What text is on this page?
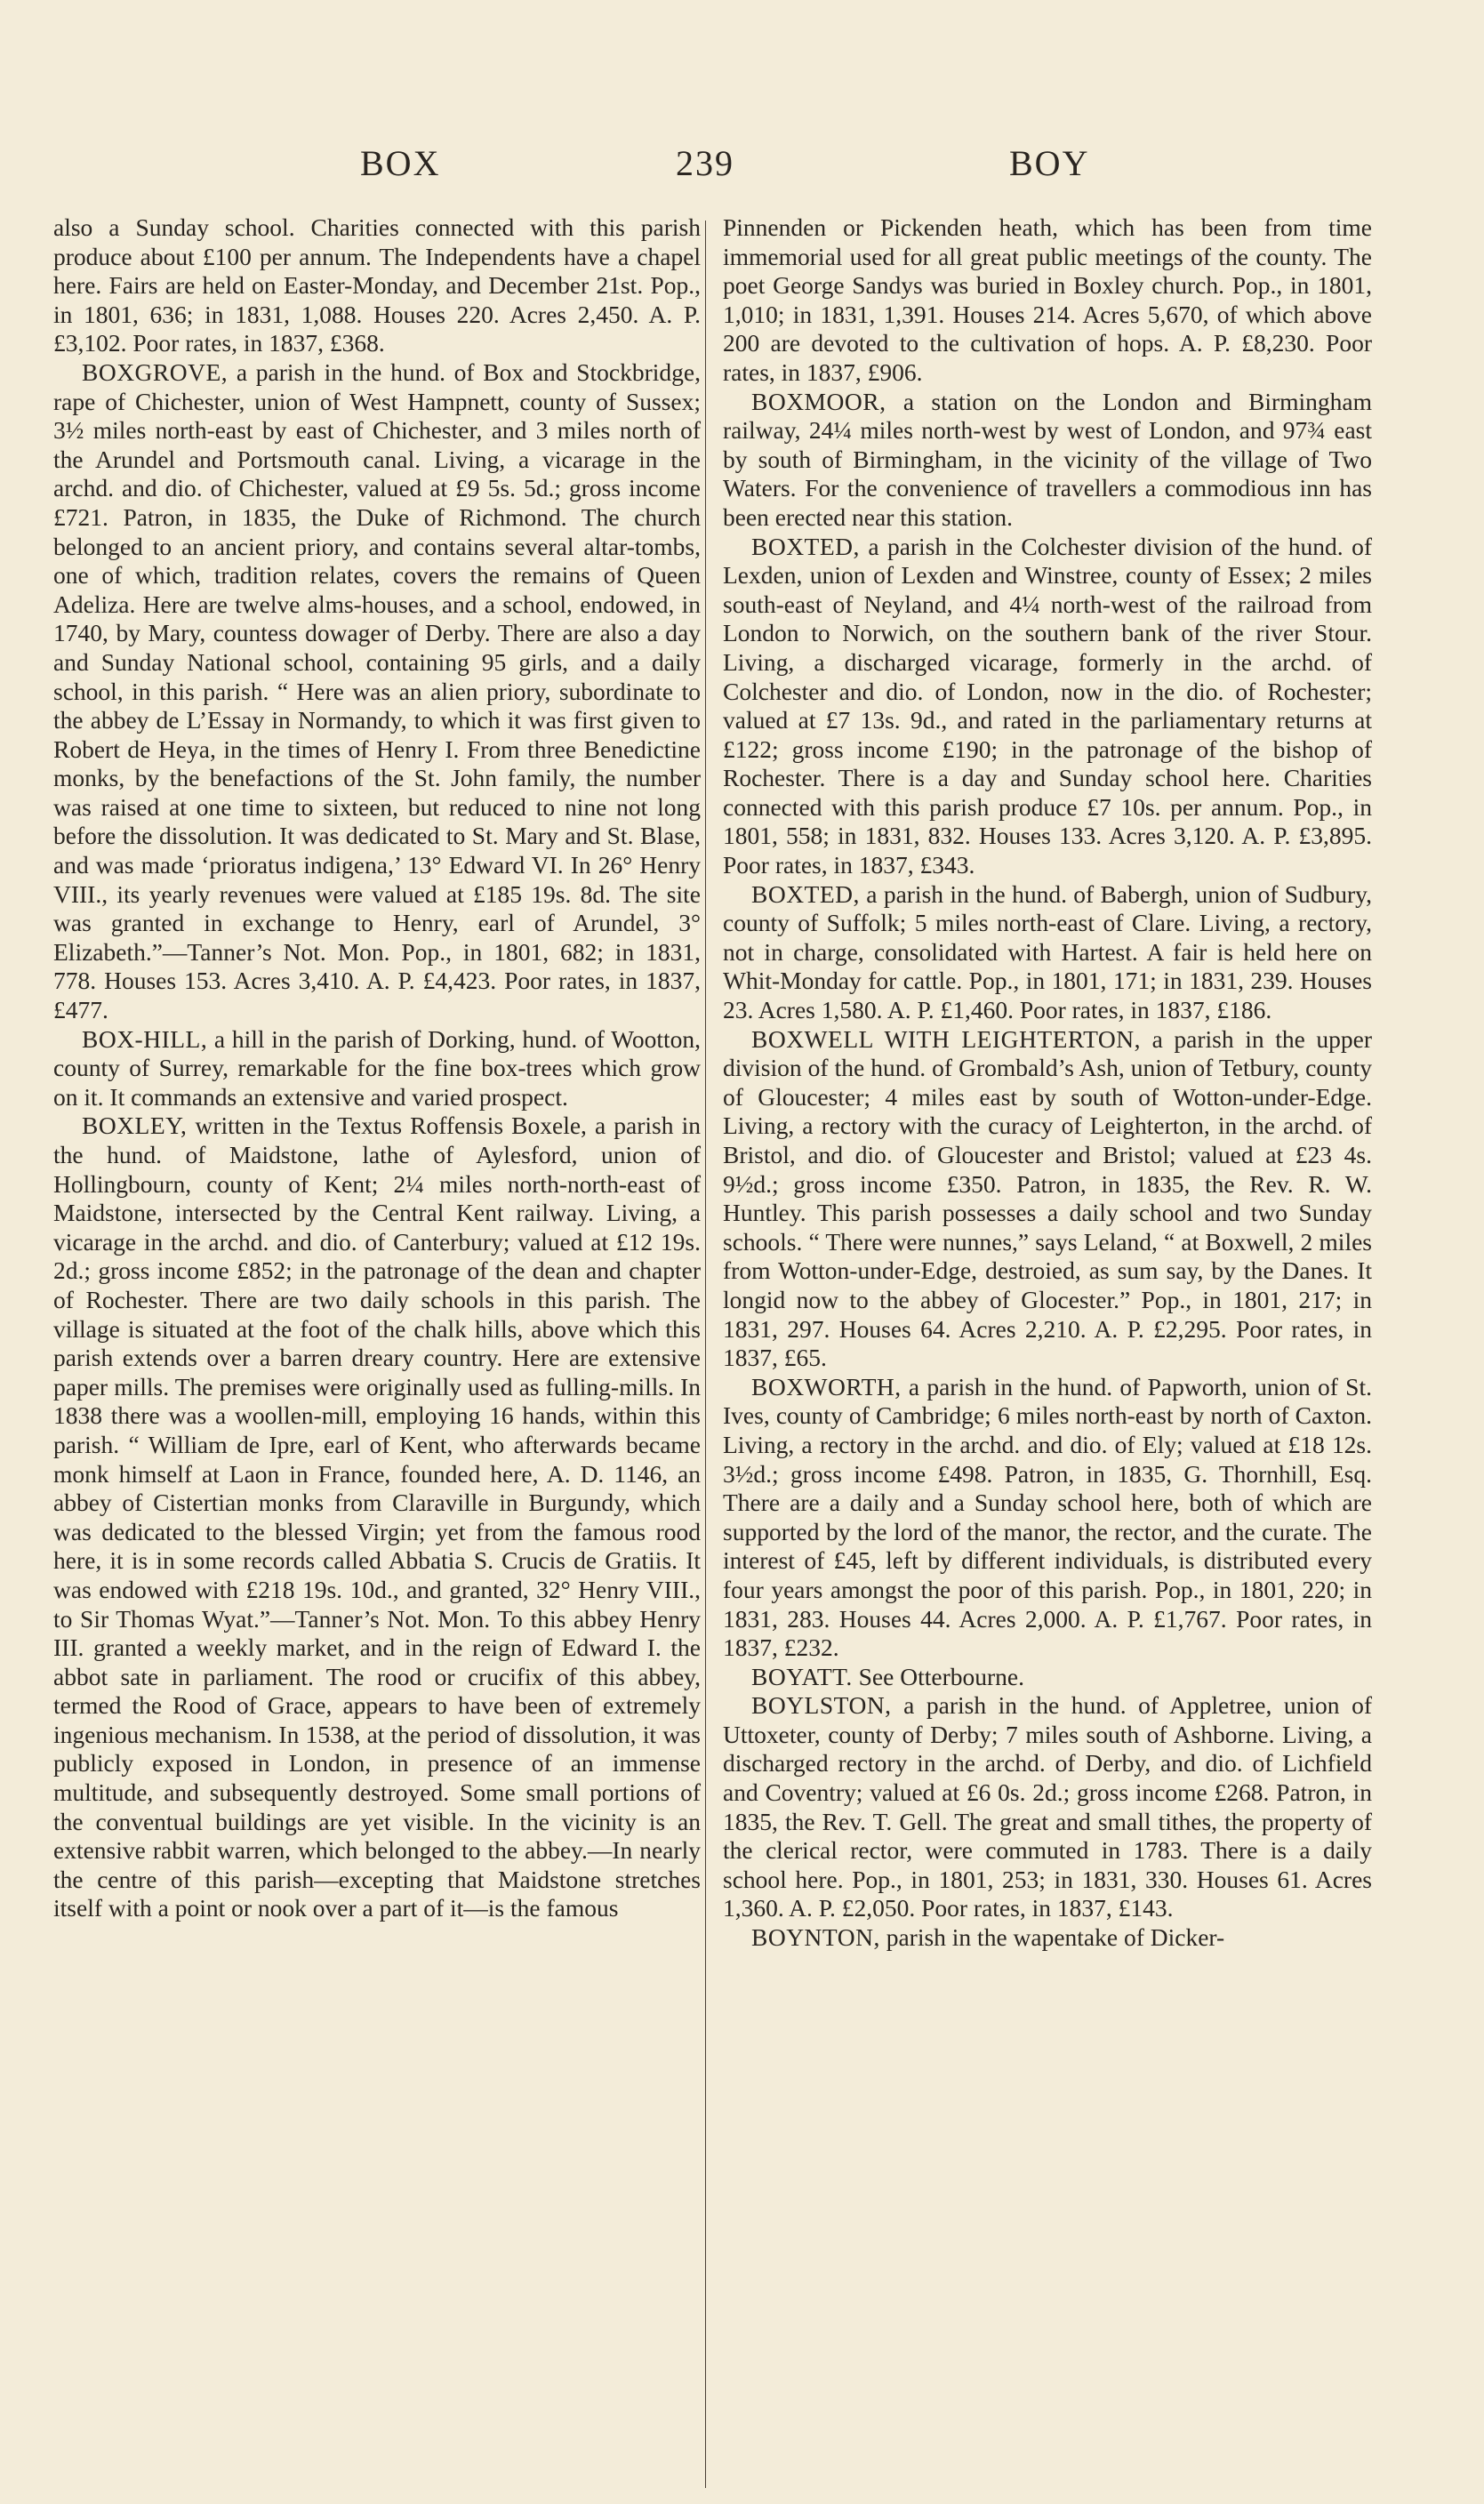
BOX	239	BOY

also a Sunday school. Charities connected with this parish produce about £100 per annum. The Independents have a chapel here. Fairs are held on Easter-Monday, and December 21st. Pop., in 1801, 636; in 1831, 1,088. Houses 220. Acres 2,450. A. P. £3,102. Poor rates, in 1837, £368.

BOXGROVE, a parish in the hund. of Box and Stockbridge, rape of Chichester, union of West Hampnett, county of Sussex; 3½ miles north-east by east of Chichester, and 3 miles north of the Arundel and Portsmouth canal. Living, a vicarage in the archd. and dio. of Chichester, valued at £9 5s. 5d.; gross income £721. Patron, in 1835, the Duke of Richmond. The church belonged to an ancient priory, and contains several altar-tombs, one of which, tradition relates, covers the remains of Queen Adeliza. Here are twelve alms-houses, and a school, endowed, in 1740, by Mary, countess dowager of Derby. There are also a day and Sunday National school, containing 95 girls, and a daily school, in this parish. “ Here was an alien priory, subordinate to the abbey de L’Essay in Normandy, to which it was first given to Robert de Heya, in the times of Henry I. From three Benedictine monks, by the benefactions of the St. John family, the number was raised at one time to sixteen, but reduced to nine not long before the dissolution. It was dedicated to St. Mary and St. Blase, and was made ‘prioratus indigena,’ 13° Edward VI. In 26° Henry VIII., its yearly revenues were valued at £185 19s. 8d. The site was granted in exchange to Henry, earl of Arundel, 3° Elizabeth.”—Tanner’s Not. Mon. Pop., in 1801, 682; in 1831, 778. Houses 153. Acres 3,410. A. P. £4,423. Poor rates, in 1837, £477.

BOX-HILL, a hill in the parish of Dorking, hund. of Wootton, county of Surrey, remarkable for the fine box-trees which grow on it. It commands an extensive and varied prospect.

BOXLEY, written in the Textus Roffensis Boxele, a parish in the hund. of Maidstone, lathe of Aylesford, union of Hollingbourn, county of Kent; 2¼ miles north-north-east of Maidstone, intersected by the Central Kent railway. Living, a vicarage in the archd. and dio. of Canterbury; valued at £12 19s. 2d.; gross income £852; in the patronage of the dean and chapter of Rochester. There are two daily schools in this parish. The village is situated at the foot of the chalk hills, above which this parish extends over a barren dreary country. Here are extensive paper mills. The premises were originally used as fulling-mills. In 1838 there was a woollen-mill, employing 16 hands, within this parish. “ William de Ipre, earl of Kent, who afterwards became monk himself at Laon in France, founded here, A. D. 1146, an abbey of Cistertian monks from Claraville in Burgundy, which was dedicated to the blessed Virgin; yet from the famous rood here, it is in some records called Abbatia S. Crucis de Gratiis. It was endowed with £218 19s. 10d., and granted, 32° Henry VIII., to Sir Thomas Wyat.”—Tanner’s Not. Mon. To this abbey Henry III. granted a weekly market, and in the reign of Edward I. the abbot sate in parliament. The rood or crucifix of this abbey, termed the Rood of Grace, appears to have been of extremely ingenious mechanism. In 1538, at the period of dissolution, it was publicly exposed in London, in presence of an immense multitude, and subsequently destroyed. Some small portions of the conventual buildings are yet visible. In the vicinity is an extensive rabbit warren, which belonged to the abbey.—In nearly the centre of this parish—excepting that Maidstone stretches itself with a point or nook over a part of it—is the famous

Pinnenden or Pickenden heath, which has been from time immemorial used for all great public meetings of the county. The poet George Sandys was buried in Boxley church. Pop., in 1801, 1,010; in 1831, 1,391. Houses 214. Acres 5,670, of which above 200 are devoted to the cultivation of hops. A. P. £8,230. Poor rates, in 1837, £906.

BOXMOOR, a station on the London and Birmingham railway, 24¼ miles north-west by west of London, and 97¾ east by south of Birmingham, in the vicinity of the village of Two Waters. For the convenience of travellers a commodious inn has been erected near this station.

BOXTED, a parish in the Colchester division of the hund. of Lexden, union of Lexden and Winstree, county of Essex; 2 miles south-east of Neyland, and 4¼ north-west of the railroad from London to Norwich, on the southern bank of the river Stour. Living, a discharged vicarage, formerly in the archd. of Colchester and dio. of London, now in the dio. of Rochester; valued at £7 13s. 9d., and rated in the parliamentary returns at £122; gross income £190; in the patronage of the bishop of Rochester. There is a day and Sunday school here. Charities connected with this parish produce £7 10s. per annum. Pop., in 1801, 558; in 1831, 832. Houses 133. Acres 3,120. A. P. £3,895. Poor rates, in 1837, £343.

BOXTED, a parish in the hund. of Babergh, union of Sudbury, county of Suffolk; 5 miles north-east of Clare. Living, a rectory, not in charge, consolidated with Hartest. A fair is held here on Whit-Monday for cattle. Pop., in 1801, 171; in 1831, 239. Houses 23. Acres 1,580. A. P. £1,460. Poor rates, in 1837, £186.

BOXWELL WITH LEIGHTERTON, a parish in the upper division of the hund. of Grombald’s Ash, union of Tetbury, county of Gloucester; 4 miles east by south of Wotton-under-Edge. Living, a rectory with the curacy of Leighterton, in the archd. of Bristol, and dio. of Gloucester and Bristol; valued at £23 4s. 9½d.; gross income £350. Patron, in 1835, the Rev. R. W. Huntley. This parish possesses a daily school and two Sunday schools. “ There were nunnes,” says Leland, “ at Boxwell, 2 miles from Wotton-under-Edge, destroied, as sum say, by the Danes. It longid now to the abbey of Glocester.” Pop., in 1801, 217; in 1831, 297. Houses 64. Acres 2,210. A. P. £2,295. Poor rates, in 1837, £65.

BOXWORTH, a parish in the hund. of Papworth, union of St. Ives, county of Cambridge; 6 miles north-east by north of Caxton. Living, a rectory in the archd. and dio. of Ely; valued at £18 12s. 3½d.; gross income £498. Patron, in 1835, G. Thornhill, Esq. There are a daily and a Sunday school here, both of which are supported by the lord of the manor, the rector, and the curate. The interest of £45, left by different individuals, is distributed every four years amongst the poor of this parish. Pop., in 1801, 220; in 1831, 283. Houses 44. Acres 2,000. A. P. £1,767. Poor rates, in 1837, £232.

BOYATT. See Otterbourne.

BOYLSTON, a parish in the hund. of Appletree, union of Uttoxeter, county of Derby; 7 miles south of Ashborne. Living, a discharged rectory in the archd. of Derby, and dio. of Lichfield and Coventry; valued at £6 0s. 2d.; gross income £268. Patron, in 1835, the Rev. T. Gell. The great and small tithes, the property of the clerical rector, were commuted in 1783. There is a daily school here. Pop., in 1801, 253; in 1831, 330. Houses 61. Acres 1,360. A. P. £2,050. Poor rates, in 1837, £143.

BOYNTON, parish in the wapentake of Dicker-
